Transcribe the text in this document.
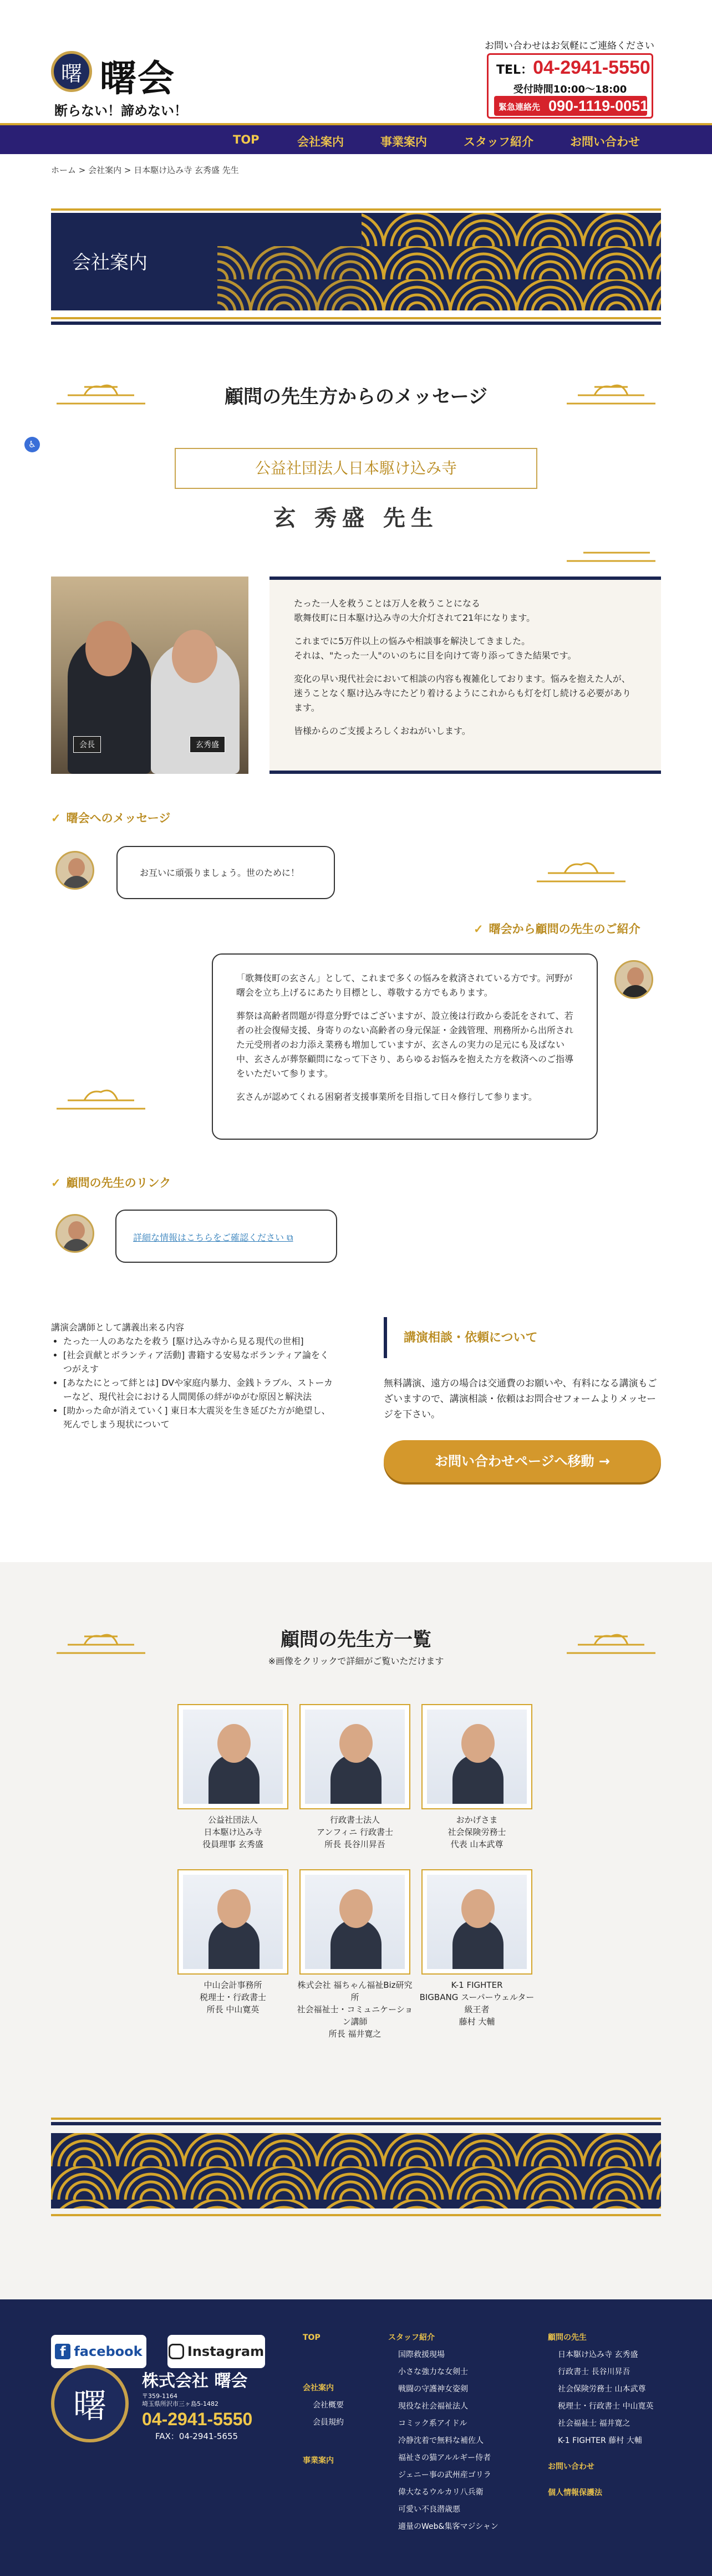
曙 曙会
断らない！諦めない！
お問い合わせはお気軽にご連絡ください
TEL：04-2941-5550
受付時間10:00～18:00
緊急連絡先 090-1119-0051
TOP	会社案内	事業案内	スタッフ紹介	お問い合わせ
ホーム > 会社案内 > 日本駆け込み寺 玄秀盛 先生
会社案内
顧問の先生方からのメッセージ
公益社団法人日本駆け込み寺
玄 秀盛 先生
会長	玄秀盛

たった一人を救うことは万人を救うことになる

歌舞伎町に日本駆け込み寺の大介灯されて21年になります。

これまでに5万件以上の悩みや相談事を解決してきました。

それは、"たった一人"のいのちに目を向けて寄り添ってきた結果です。

変化の早い現代社会において相談の内容も複雑化しております。悩みを抱えた人が、迷うことなく駆け込み寺にたどり着けるようにこれからも灯を灯し続ける必要があります。

皆様からのご支援よろしくおねがいします。

✓ 曙会へのメッセージ

お互いに頑張りましょう。世のために！

✓ 曙会から顧問の先生のご紹介

「歌舞伎町の玄さん」として、これまで多くの悩みを救済されている方です。河野が曙会を立ち上げるにあたり目標とし、尊敬する方でもあります。

葬祭は高齢者問題が得意分野ではございますが、設立後は行政から委託をされて、若者の社会復帰支援、身寄りのない高齢者の身元保証・金銭管理、刑務所から出所された元受刑者のお力添え業務も増加していますが、玄さんの実力の足元にも及ばない中、玄さんが葬祭顧問になって下さり、あらゆるお悩みを抱えた方を救済へのご指導をいただいて参ります。

玄さんが認めてくれる困窮者支援事業所を目指して日々修行して参ります。

✓ 顧問の先生のリンク
詳細な情報はこちらをご確認ください ⧉
講演会講師として講義出来る内容
• たった一人のあなたを救う [駆け込み寺から見る現代の世相]
• [社会貢献とボランティア活動] 書籍する安易なボランティア論をくつがえす
• [あなたにとって絆とは] DVや家庭内暴力、金銭トラブル、ストーカーなど、現代社会における人間関係の絆がゆがむ原因と解決法
• [助かった命が消えていく] 東日本大震災を生き延びた方が絶望し、死んでしまう現状について
講演相談・依頼について
無料講演、遠方の場合は交通費のお願いや、有料になる講演もございますので、講演相談・依頼はお問合せフォームよりメッセージを下さい。
お問い合わせページへ移動 →
顧問の先生方一覧
※画像をクリックで詳細がご覧いただけます
公益社団法人
日本駆け込み寺
役員理事 玄秀盛
行政書士法人
アンフィニ 行政書士
所長 長谷川昇吾
おかげさま
社会保険労務士
代表 山本武尊
中山会計事務所
税理士・行政書士
所長 中山寛英
株式会社 福ちゃん福祉Biz研究所
社会福祉士・コミュニケーション講師
所長 福井寛之
K-1 FIGHTER
BIGBANG スーパーウェルター級王者
藤村 大輔
f facebook	Instagram
曙
株式会社 曙会
〒359-1164
埼玉県所沢市三ヶ島5-1482
04-2941-5550
FAX：04-2941-5655
TOP
会社案内
会社概要
会員規約
事業案内
スタッフ紹介
国際救援現場
小さな強力な女剣士
戦闘の守護神女姿剣
現役な社会福祉法人
コミック系アイドル
冷静沈着で無料な補佐人
福祉さの猫アルルギー侍者
ジェニー事の武州産ゴリラ
偉大なるウルカリ八兵衛
可愛い不良潜歳悪
適量のWeb&集客マジシャン
顧問の先生
日本駆け込み寺 玄秀盛
行政書士 長谷川昇吾
社会保険労務士 山本武尊
税理士・行政書士 中山寛英
社会福祉士 福井寛之
K-1 FIGHTER 藤村 大輔
お問い合わせ
個人情報保護法
♿
